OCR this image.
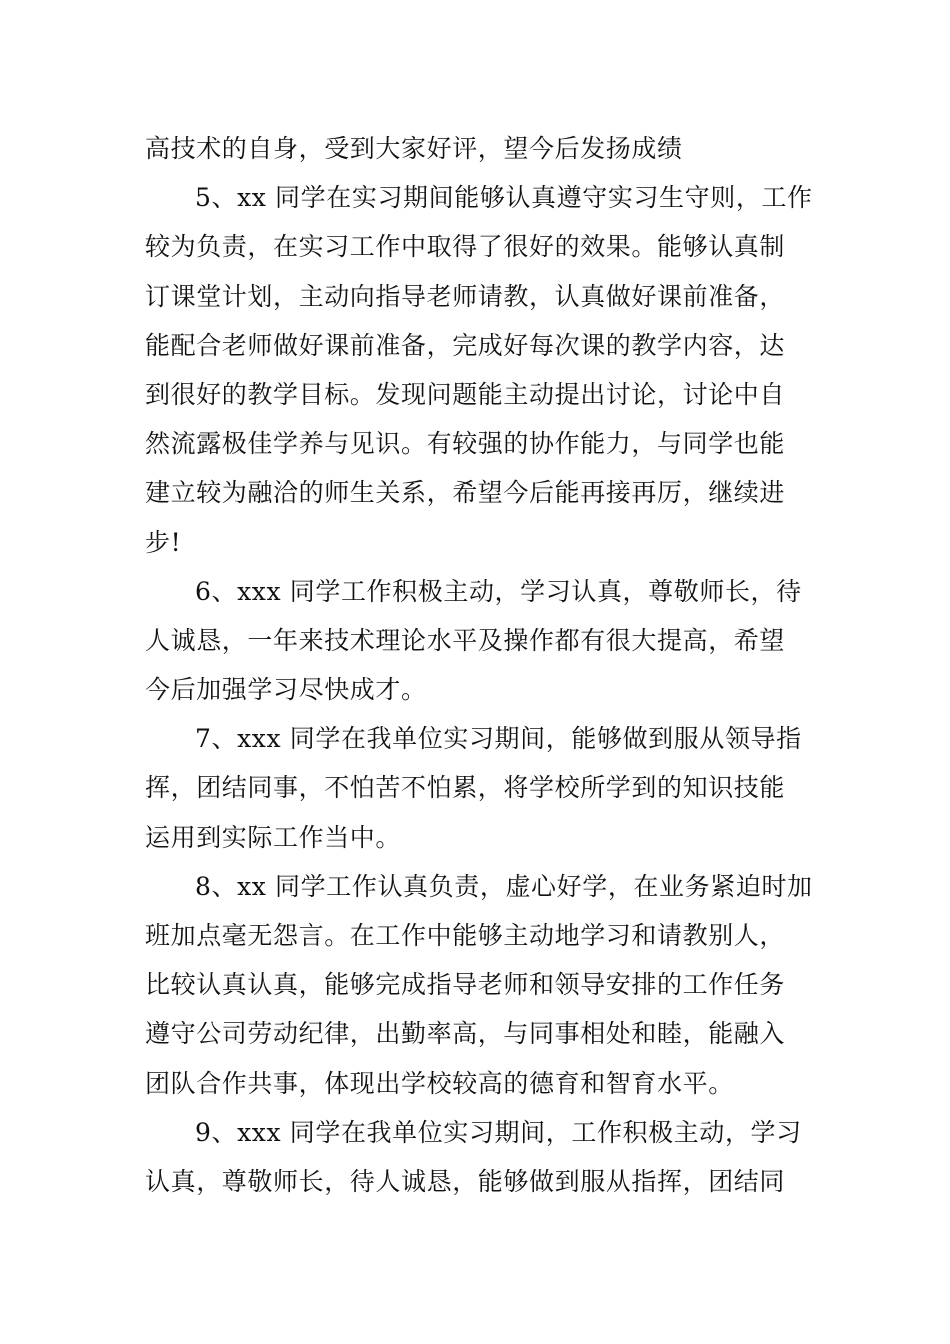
高技术的自身，受到大家好评，望今后发扬成绩
5、xx 同学在实习期间能够认真遵守实习生守则，工作
较为负责，在实习工作中取得了很好的效果。能够认真制
订课堂计划，主动向指导老师请教，认真做好课前准备，
能配合老师做好课前准备，完成好每次课的教学内容，达
到很好的教学目标。发现问题能主动提出讨论，讨论中自
然流露极佳学养与见识。有较强的协作能力，与同学也能
建立较为融洽的师生关系，希望今后能再接再厉，继续进
步!
6、xxx 同学工作积极主动，学习认真，尊敬师长，待
人诚恳，一年来技术理论水平及操作都有很大提高，希望
今后加强学习尽快成才。
7、xxx 同学在我单位实习期间，能够做到服从领导指
挥，团结同事，不怕苦不怕累，将学校所学到的知识技能
运用到实际工作当中。
8、xx 同学工作认真负责，虚心好学，在业务紧迫时加
班加点毫无怨言。在工作中能够主动地学习和请教别人，
比较认真认真，能够完成指导老师和领导安排的工作任务
遵守公司劳动纪律，出勤率高，与同事相处和睦，能融入
团队合作共事，体现出学校较高的德育和智育水平。
9、xxx 同学在我单位实习期间，工作积极主动，学习
认真，尊敬师长，待人诚恳，能够做到服从指挥，团结同
